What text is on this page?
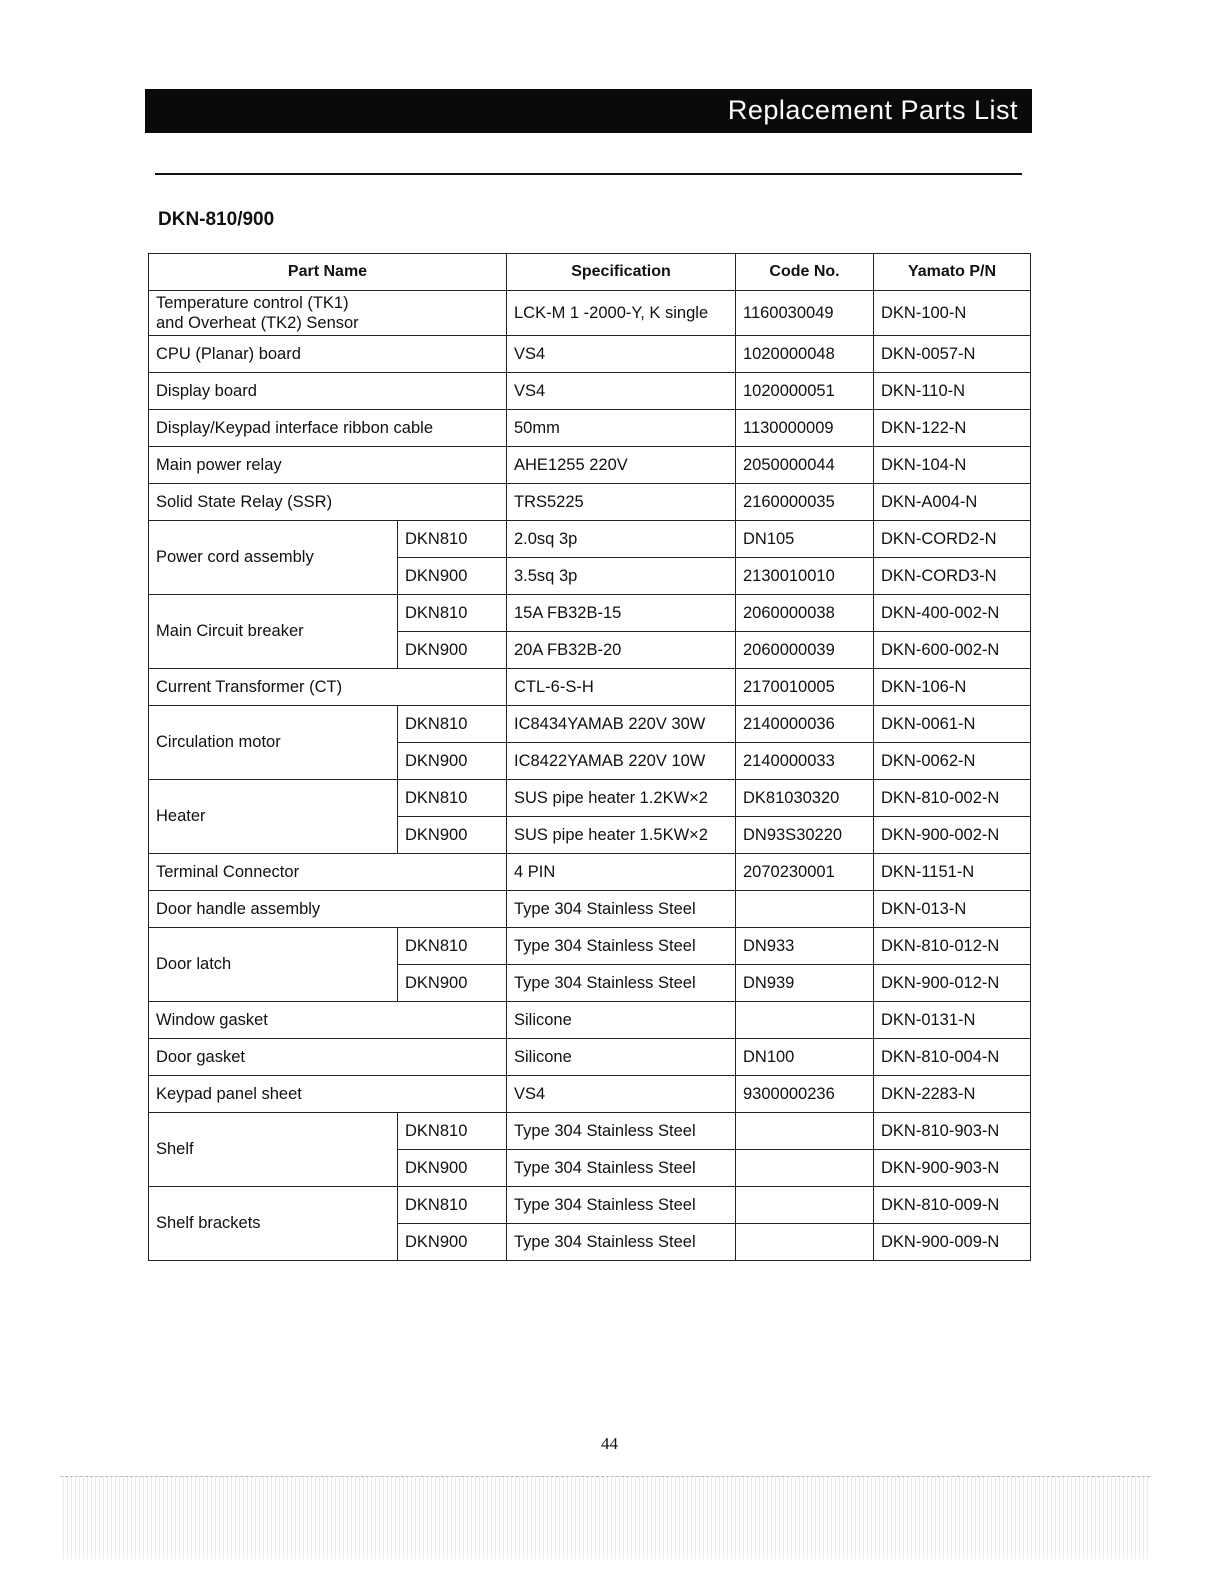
Replacement Parts List
DKN-810/900
Part Name		Specification	Code No.	Yamato P/N
Temperature control (TK1)
and Overheat (TK2) Sensor		LCK-M 1 -2000-Y, K single	1160030049	DKN-100-N
CPU (Planar) board		VS4	1020000048	DKN-0057-N
Display board		VS4	1020000051	DKN-110-N
Display/Keypad interface ribbon cable		50mm	1130000009	DKN-122-N
Main power relay		AHE1255 220V	2050000044	DKN-104-N
Solid State Relay (SSR)		TRS5225	2160000035	DKN-A004-N
Power cord assembly	DKN810	2.0sq 3p	DN105	DKN-CORD2-N
	DKN900	3.5sq 3p	2130010010	DKN-CORD3-N
Main Circuit breaker	DKN810	15A FB32B-15	2060000038	DKN-400-002-N
	DKN900	20A FB32B-20	2060000039	DKN-600-002-N
Current Transformer (CT)		CTL-6-S-H	2170010005	DKN-106-N
Circulation motor	DKN810	IC8434YAMAB 220V 30W	2140000036	DKN-0061-N
	DKN900	IC8422YAMAB 220V 10W	2140000033	DKN-0062-N
Heater	DKN810	SUS pipe heater 1.2KW×2	DK81030320	DKN-810-002-N
	DKN900	SUS pipe heater 1.5KW×2	DN93S30220	DKN-900-002-N
Terminal Connector		4 PIN	2070230001	DKN-1151-N
Door handle assembly		Type 304 Stainless Steel		DKN-013-N
Door latch	DKN810	Type 304 Stainless Steel	DN933	DKN-810-012-N
	DKN900	Type 304 Stainless Steel	DN939	DKN-900-012-N
Window gasket		Silicone		DKN-0131-N
Door gasket		Silicone	DN100	DKN-810-004-N
Keypad panel sheet		VS4	9300000236	DKN-2283-N
Shelf	DKN810	Type 304 Stainless Steel		DKN-810-903-N
	DKN900	Type 304 Stainless Steel		DKN-900-903-N
Shelf brackets	DKN810	Type 304 Stainless Steel		DKN-810-009-N
	DKN900	Type 304 Stainless Steel		DKN-900-009-N
44
